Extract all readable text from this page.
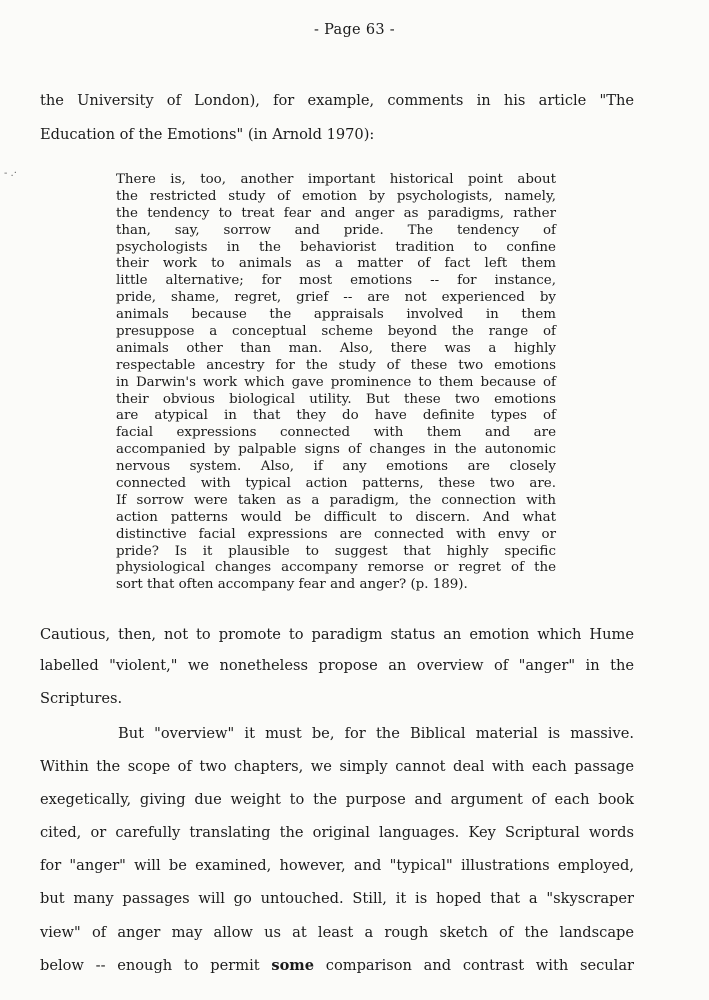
- .·
- Page 63 -
the University of London), for example, comments in his article "The
Education of the Emotions" (in Arnold 1970):
There is, too, another important historical point about
the restricted study of emotion by psychologists, namely,
the tendency to treat fear and anger as paradigms, rather
than, say, sorrow and pride. The tendency of
psychologists in the behaviorist tradition to confine
their work to animals as a matter of fact left them
little alternative; for most emotions -- for instance,
pride, shame, regret, grief -- are not experienced by
animals because the appraisals involved in them
presuppose a conceptual scheme beyond the range of
animals other than man. Also, there was a highly
respectable ancestry for the study of these two emotions
in Darwin's work which gave prominence to them because of
their obvious biological utility. But these two emotions
are atypical in that they do have definite types of
facial expressions connected with them and are
accompanied by palpable signs of changes in the autonomic
nervous system. Also, if any emotions are closely
connected with typical action patterns, these two are.
If sorrow were taken as a paradigm, the connection with
action patterns would be difficult to discern. And what
distinctive facial expressions are connected with envy or
pride? Is it plausible to suggest that highly specific
physiological changes accompany remorse or regret of the
sort that often accompany fear and anger? (p. 189).
Cautious, then, not to promote to paradigm status an emotion which Hume
labelled "violent," we nonetheless propose an overview of "anger" in the
Scriptures.
But "overview" it must be, for the Biblical material is massive.
Within the scope of two chapters, we simply cannot deal with each passage
exegetically, giving due weight to the purpose and argument of each book
cited, or carefully translating the original languages. Key Scriptural words
for "anger" will be examined, however, and "typical" illustrations employed,
but many passages will go untouched. Still, it is hoped that a "skyscraper
view" of anger may allow us at least a rough sketch of the landscape
below -- enough to permit some comparison and contrast with secular
